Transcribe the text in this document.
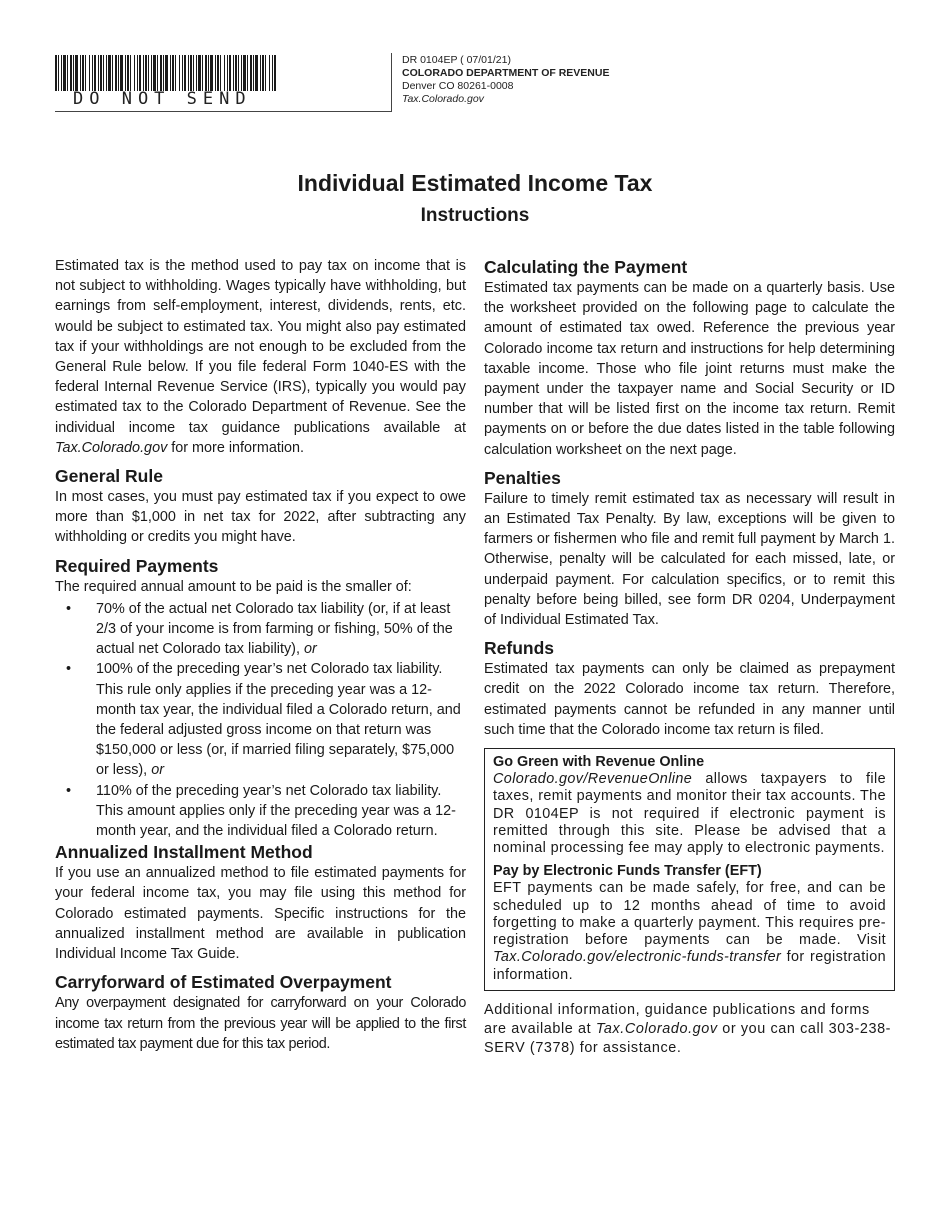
DO NOT SEND
DR 0104EP ( 07/01/21)
COLORADO DEPARTMENT OF REVENUE
Denver CO 80261-0008
Tax.Colorado.gov
Individual Estimated Income Tax
Instructions

Estimated tax is the method used to pay tax on income that is not subject to withholding. Wages typically have withholding, but earnings from self-employment, interest, dividends, rents, etc. would be subject to estimated tax. You might also pay estimated tax if your withholdings are not enough to be excluded from the General Rule below. If you file federal Form 1040-ES with the federal Internal Revenue Service (IRS), typically you would pay estimated tax to the Colorado Department of Revenue. See the individual income tax guidance publications available at Tax.Colorado.gov for more information.

General Rule

In most cases, you must pay estimated tax if you expect to owe more than $1,000 in net tax for 2022, after subtracting any withholding or credits you might have.

Required Payments

The required annual amount to be paid is the smaller of:

• 70% of the actual net Colorado tax liability (or, if at least 2/3 of your income is from farming or fishing, 50% of the actual net Colorado tax liability), or
• 100% of the preceding year’s net Colorado tax liability. This rule only applies if the preceding year was a 12-month tax year, the individual filed a Colorado return, and the federal adjusted gross income on that return was $150,000 or less (or, if married filing separately, $75,000 or less), or
• 110% of the preceding year’s net Colorado tax liability. This amount applies only if the preceding year was a 12-month year, and the individual filed a Colorado return.
Annualized Installment Method

If you use an annualized method to file estimated payments for your federal income tax, you may file using this method for Colorado estimated payments. Specific instructions for the annualized installment method are available in publication Individual Income Tax Guide.

Carryforward of Estimated Overpayment

Any overpayment designated for carryforward on your Colorado income tax return from the previous year will be applied to the first estimated tax payment due for this tax period.

Calculating the Payment

Estimated tax payments can be made on a quarterly basis. Use the worksheet provided on the following page to calculate the amount of estimated tax owed. Reference the previous year Colorado income tax return and instructions for help determining taxable income. Those who file joint returns must make the payment under the taxpayer name and Social Security or ID number that will be listed first on the income tax return. Remit payments on or before the due dates listed in the table following calculation worksheet on the next page.

Penalties

Failure to timely remit estimated tax as necessary will result in an Estimated Tax Penalty. By law, exceptions will be given to farmers or fishermen who file and remit full payment by March 1. Otherwise, penalty will be calculated for each missed, late, or underpaid payment. For calculation specifics, or to remit this penalty before being billed, see form DR 0204, Underpayment of Individual Estimated Tax.

Refunds

Estimated tax payments can only be claimed as prepayment credit on the 2022 Colorado income tax return. Therefore, estimated payments cannot be refunded in any manner until such time that the Colorado income tax return is filed.

Go Green with Revenue Online

Colorado.gov/RevenueOnline allows taxpayers to file taxes, remit payments and monitor their tax accounts. The DR 0104EP is not required if electronic payment is remitted through this site. Please be advised that a nominal processing fee may apply to electronic payments.

Pay by Electronic Funds Transfer (EFT)

EFT payments can be made safely, for free, and can be scheduled up to 12 months ahead of time to avoid forgetting to make a quarterly payment. This requires pre-registration before payments can be made. Visit Tax.Colorado.gov/electronic-funds-transfer for registration information.

Additional information, guidance publications and forms are available at Tax.Colorado.gov or you can call 303-238-SERV (7378) for assistance.
